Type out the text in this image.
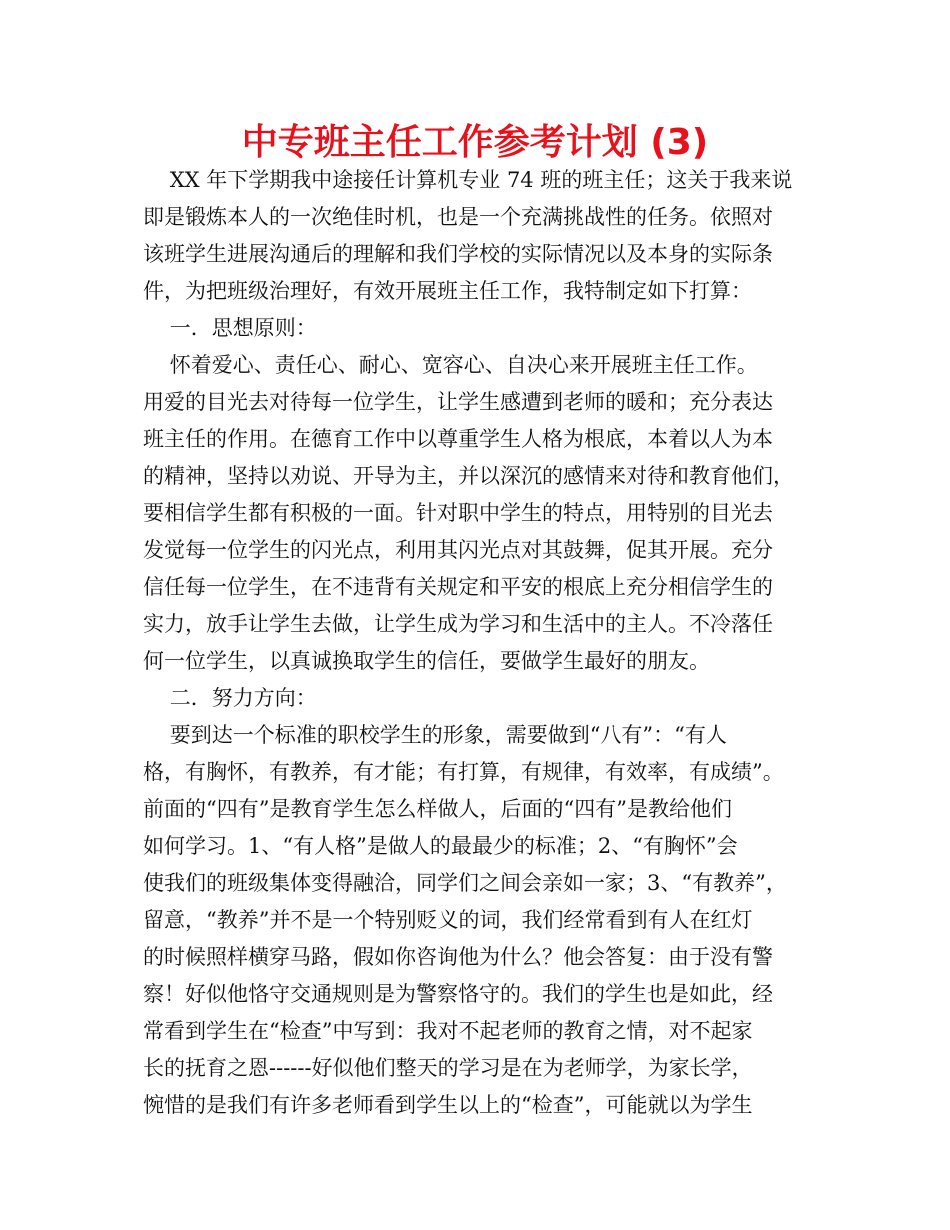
中专班主任工作参考计划 (3)
XX 年下学期我中途接任计算机专业 74 班的班主任；这关于我来说
即是锻炼本人的一次绝佳时机，也是一个充满挑战性的任务。依照对
该班学生进展沟通后的理解和我们学校的实际情况以及本身的实际条
件，为把班级治理好，有效开展班主任工作，我特制定如下打算：
一．思想原则：
怀着爱心、责任心、耐心、宽容心、自决心来开展班主任工作。
用爱的目光去对待每一位学生，让学生感遭到老师的暖和；充分表达
班主任的作用。在德育工作中以尊重学生人格为根底，本着以人为本
的精神，坚持以劝说、开导为主，并以深沉的感情来对待和教育他们，
要相信学生都有积极的一面。针对职中学生的特点，用特别的目光去
发觉每一位学生的闪光点，利用其闪光点对其鼓舞，促其开展。充分
信任每一位学生，在不违背有关规定和平安的根底上充分相信学生的
实力，放手让学生去做，让学生成为学习和生活中的主人。不冷落任
何一位学生，以真诚换取学生的信任，要做学生最好的朋友。
二．努力方向：
要到达一个标准的职校学生的形象，需要做到“八有”：“有人
格，有胸怀，有教养，有才能；有打算，有规律，有效率，有成绩”。
前面的“四有”是教育学生怎么样做人，后面的“四有”是教给他们
如何学习。1、“有人格”是做人的最最少的标准；2、“有胸怀”会
使我们的班级集体变得融洽，同学们之间会亲如一家；3、“有教养”，
留意，“教养”并不是一个特别贬义的词，我们经常看到有人在红灯
的时候照样横穿马路，假如你咨询他为什么？他会答复：由于没有警
察！好似他恪守交通规则是为警察恪守的。我们的学生也是如此，经
常看到学生在“检查”中写到：我对不起老师的教育之情，对不起家
长的抚育之恩------好似他们整天的学习是在为老师学，为家长学，
惋惜的是我们有许多老师看到学生以上的“检查”，可能就以为学生
